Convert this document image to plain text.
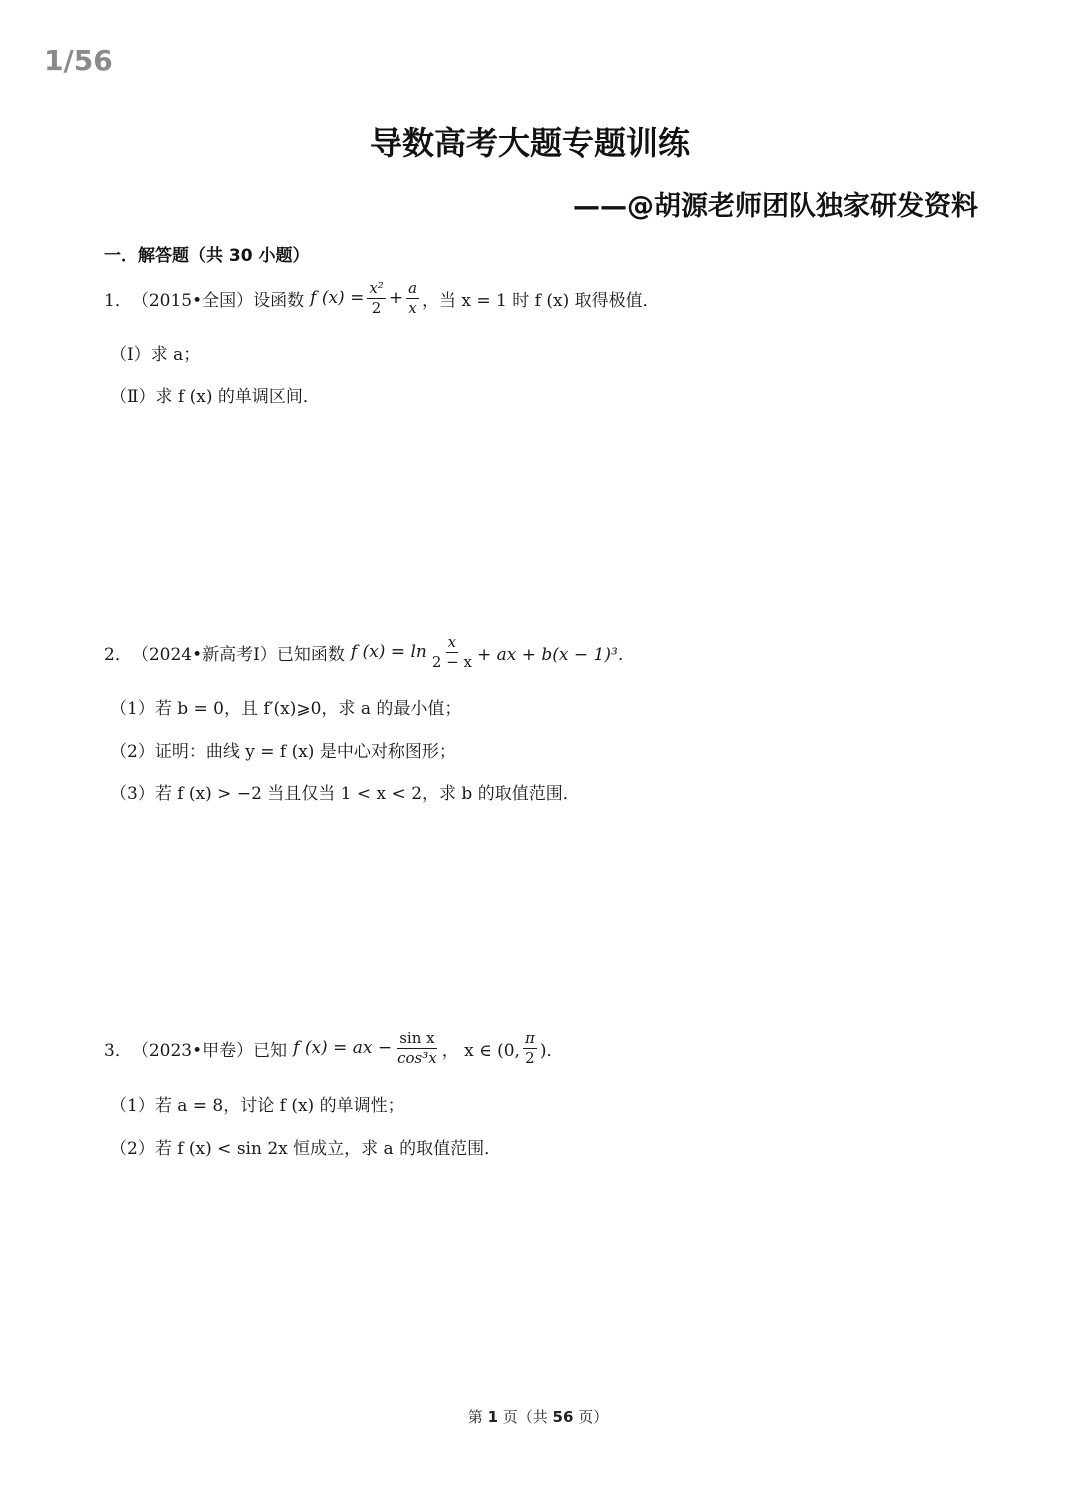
1/56
导数高考大题专题训练
——@胡源老师团队独家研发资料
一．解答题（共 30 小题）
1． （2015•全国） 设函数 f $(x) = \frac{\text{x²}}{2} + \frac{a}{x}$ ，当 x = 1 时 f (x) 取得极值．
（Ⅰ）求 a；
（Ⅱ）求 f (x) 的单调区间．
2． （2024•新高考Ⅰ） 已知函数 f $(x) = \ln \frac{x}{2 - x}$ + ax + b(x − 1)³．
（1）若 b = 0，且 f′(x)⩾0，求 a 的最小值；
（2）证明：曲线 y = f (x) 是中心对称图形；
（3）若 f (x) > −2 当且仅当 1 < x < 2，求 b 的取值范围．
3． （2023•甲卷） 已知 f (x) = ax − $\frac{\text{sin x}}{\text{cos³x}}$ ， x ∈ (0, $\frac{\pi}{2}$ )．
（1）若 a = 8，讨论 f (x) 的单调性；
（2）若 f (x) < sin 2x 恒成立，求 a 的取值范围．
第 1 页（共 56 页）
